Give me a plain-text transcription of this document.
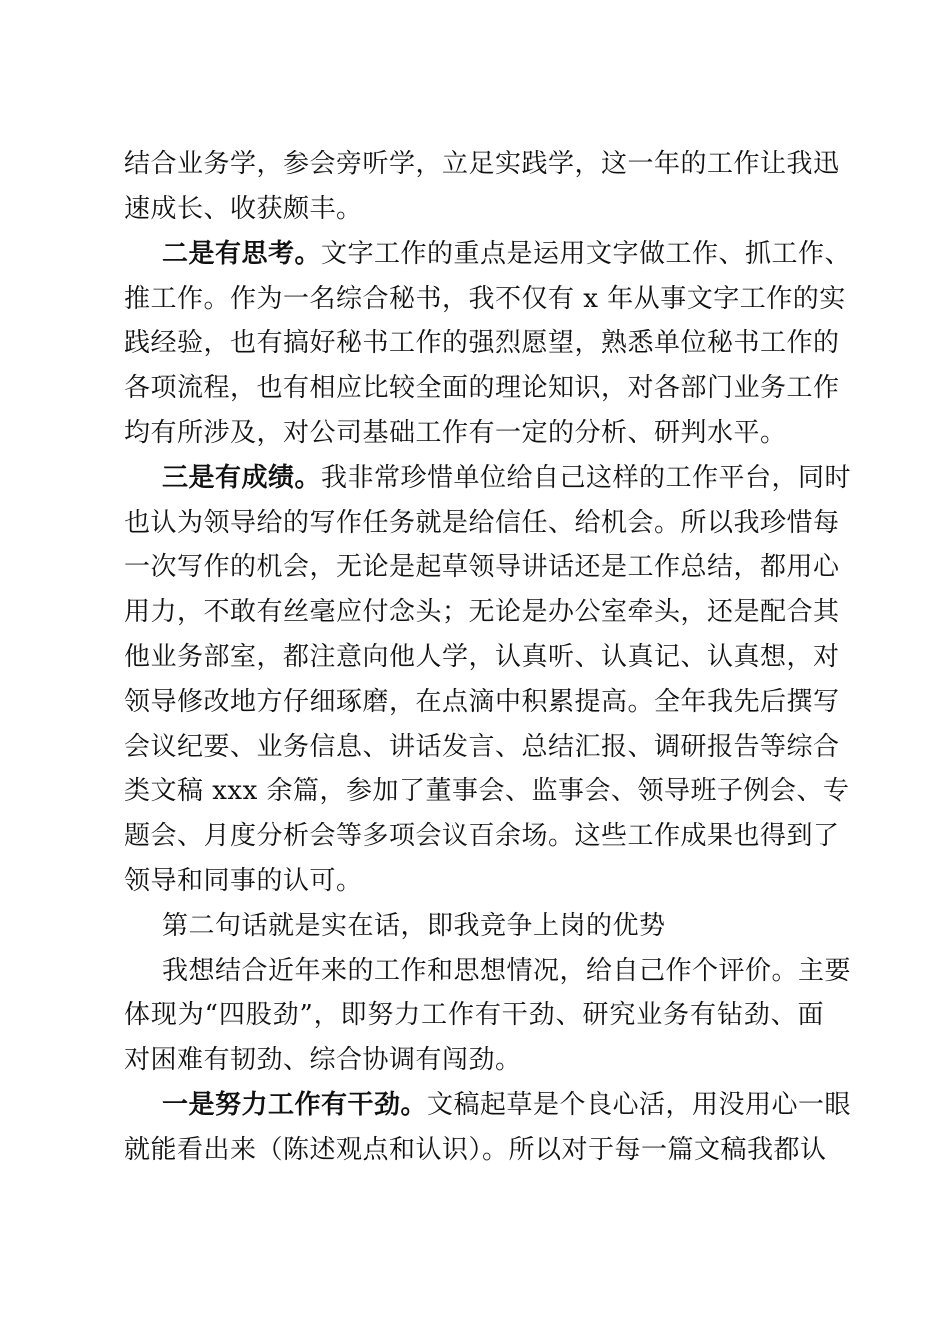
结合业务学，参会旁听学，立足实践学，这一年的工作让我迅
速成长、收获颇丰。
二是有思考。文字工作的重点是运用文字做工作、抓工作、
推工作。作为一名综合秘书，我不仅有 x 年从事文字工作的实
践经验，也有搞好秘书工作的强烈愿望，熟悉单位秘书工作的
各项流程，也有相应比较全面的理论知识，对各部门业务工作
均有所涉及，对公司基础工作有一定的分析、研判水平。
三是有成绩。我非常珍惜单位给自己这样的工作平台，同时
也认为领导给的写作任务就是给信任、给机会。所以我珍惜每
一次写作的机会，无论是起草领导讲话还是工作总结，都用心
用力，不敢有丝毫应付念头；无论是办公室牵头，还是配合其
他业务部室，都注意向他人学，认真听、认真记、认真想，对
领导修改地方仔细琢磨，在点滴中积累提高。全年我先后撰写
会议纪要、业务信息、讲话发言、总结汇报、调研报告等综合
类文稿 xxx 余篇，参加了董事会、监事会、领导班子例会、专
题会、月度分析会等多项会议百余场。这些工作成果也得到了
领导和同事的认可。
第二句话就是实在话，即我竞争上岗的优势
我想结合近年来的工作和思想情况，给自己作个评价。主要
体现为“四股劲”，即努力工作有干劲、研究业务有钻劲、面
对困难有韧劲、综合协调有闯劲。
一是努力工作有干劲。文稿起草是个良心活，用没用心一眼
就能看出来（陈述观点和认识）。所以对于每一篇文稿我都认
